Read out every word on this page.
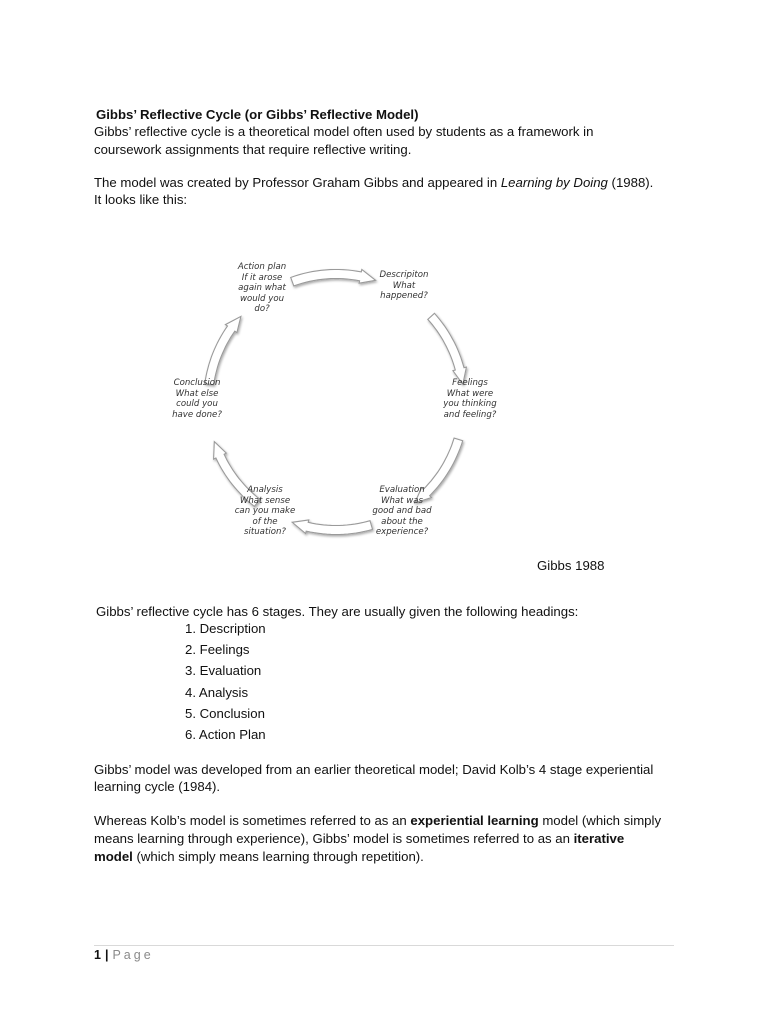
Gibbs’ Reflective Cycle (or Gibbs’ Reflective Model)
Gibbs’ reflective cycle is a theoretical model often used by students as a framework in
coursework assignments that require reflective writing.
The model was created by Professor Graham Gibbs and appeared in Learning by Doing (1988).
It looks like this:
Action plan
If it arose
again what
would you
do?
Descripiton
What
happened?
Feelings
What were
you thinking
and feeling?
Evaluation
What was
good and bad
about the
experience?
Analysis
What sense
can you make
of the
situation?
Conclusion
What else
could you
have done?
Gibbs 1988
Gibbs’ reflective cycle has 6 stages. They are usually given the following headings:
1. Description
2. Feelings
3. Evaluation
4. Analysis
5. Conclusion
6. Action Plan
Gibbs’ model was developed from an earlier theoretical model; David Kolb’s 4 stage experiential
learning cycle (1984).
Whereas Kolb’s model is sometimes referred to as an experiential learning model (which simply
means learning through experience), Gibbs’ model is sometimes referred to as an iterative
model (which simply means learning through repetition).
1 | Page
